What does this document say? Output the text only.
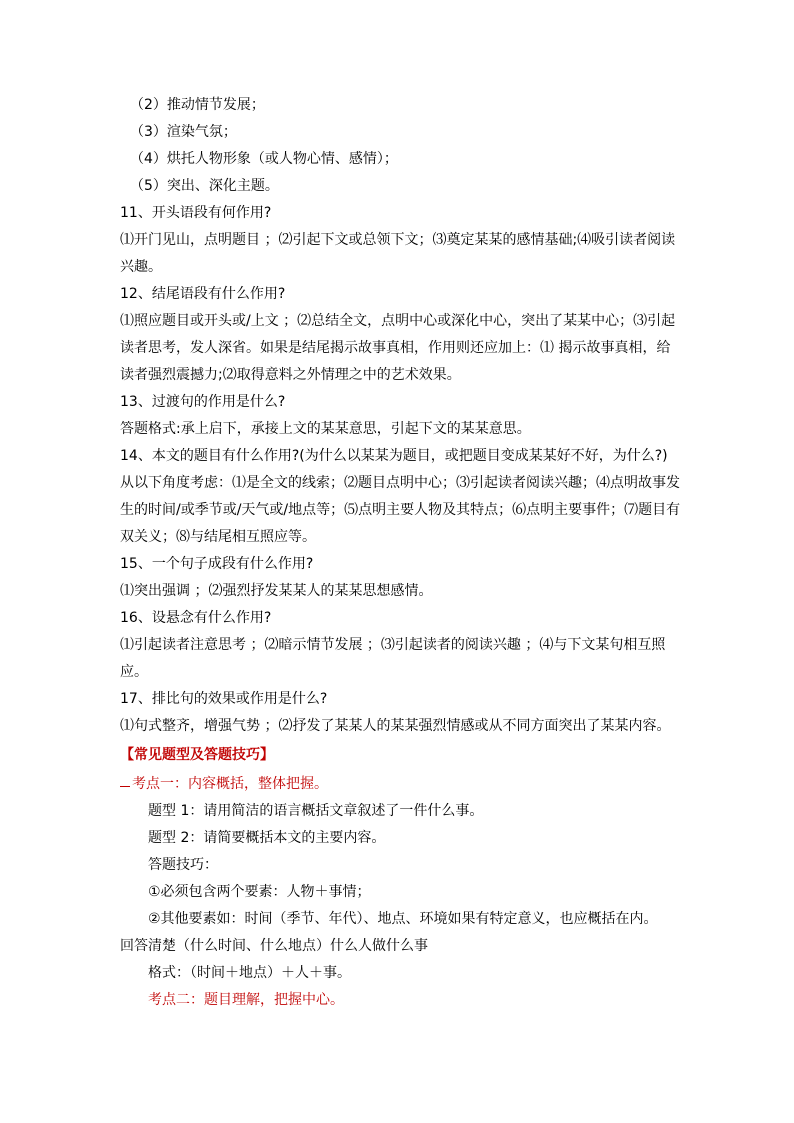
（2）推动情节发展；
（3）渲染气氛；
（4）烘托人物形象（或人物心情、感情）；
（5）突出、深化主题。
11、开头语段有何作用?
⑴开门见山，点明题目 ；⑵引起下文或总领下文；⑶奠定某某的感情基础;⑷吸引读者阅读
兴趣。
12、结尾语段有什么作用?
⑴照应题目或开头或/上文 ；⑵总结全文，点明中心或深化中心，突出了某某中心；⑶引起
读者思考，发人深省。如果是结尾揭示故事真相，作用则还应加上：⑴ 揭示故事真相，给
读者强烈震撼力;⑵取得意料之外情理之中的艺术效果。
13、过渡句的作用是什么?
答题格式:承上启下，承接上文的某某意思，引起下文的某某意思。
14、本文的题目有什么作用?(为什么以某某为题目，或把题目变成某某好不好，为什么?)
从以下角度考虑：⑴是全文的线索；⑵题目点明中心；⑶引起读者阅读兴趣；⑷点明故事发
生的时间/或季节或/天气或/地点等；⑸点明主要人物及其特点；⑹点明主要事件；⑺题目有
双关义；⑻与结尾相互照应等。
15、一个句子成段有什么作用?
⑴突出强调 ；⑵强烈抒发某某人的某某思想感情。
16、设悬念有什么作用?
⑴引起读者注意思考 ；⑵暗示情节发展 ；⑶引起读者的阅读兴趣 ；⑷与下文某句相互照
应。
17、排比句的效果或作用是什么?
⑴句式整齐，增强气势 ；⑵抒发了某某人的某某强烈情感或从不同方面突出了某某内容。
【常见题型及答题技巧】
考点一：内容概括，整体把握。
题型 1：请用简洁的语言概括文章叙述了一件什么事。
题型 2：请简要概括本文的主要内容。
答题技巧：
①必须包含两个要素：人物＋事情；
②其他要素如：时间（季节、年代）、地点、环境如果有特定意义，也应概括在内。
回答清楚（什么时间、什么地点）什么人做什么事
格式：（时间＋地点）＋人＋事。
考点二：题目理解，把握中心。
